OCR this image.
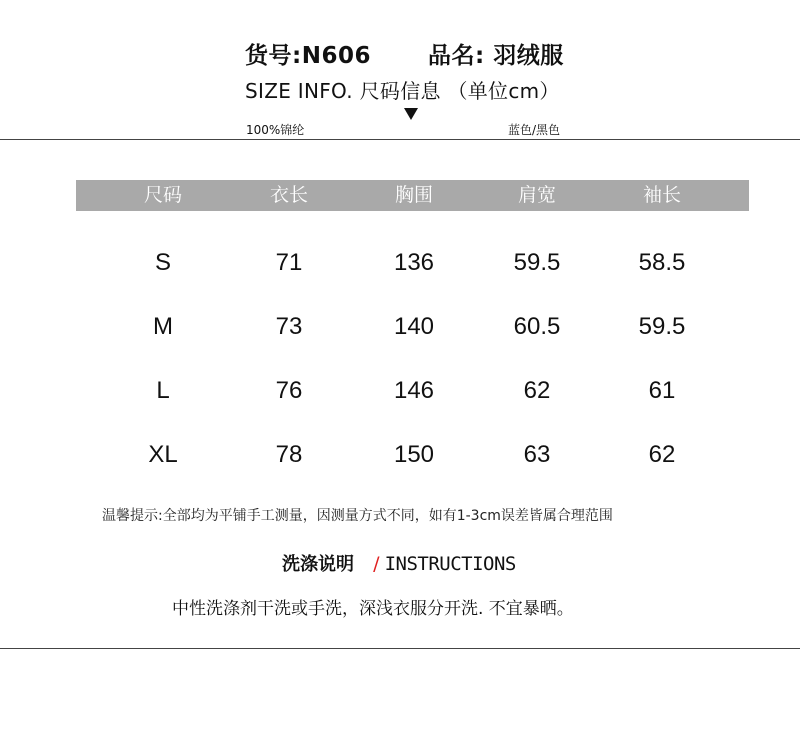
货号:N606 品名: 羽绒服
SIZE INFO. 尺码信息 （单位cm）
100%锦纶	蓝色/黑色
尺码	衣长	胸围	肩宽	袖长
S	71	136	59.5	58.5
M	73	140	60.5	59.5
L	76	146	62	61
XL	78	150	63	62
温馨提示:全部均为平铺手工测量，因测量方式不同，如有1-3cm误差皆属合理范围
洗涤说明 / INSTRUCTIONS
中性洗涤剂干洗或手洗，深浅衣服分开洗. 不宜暴晒。
